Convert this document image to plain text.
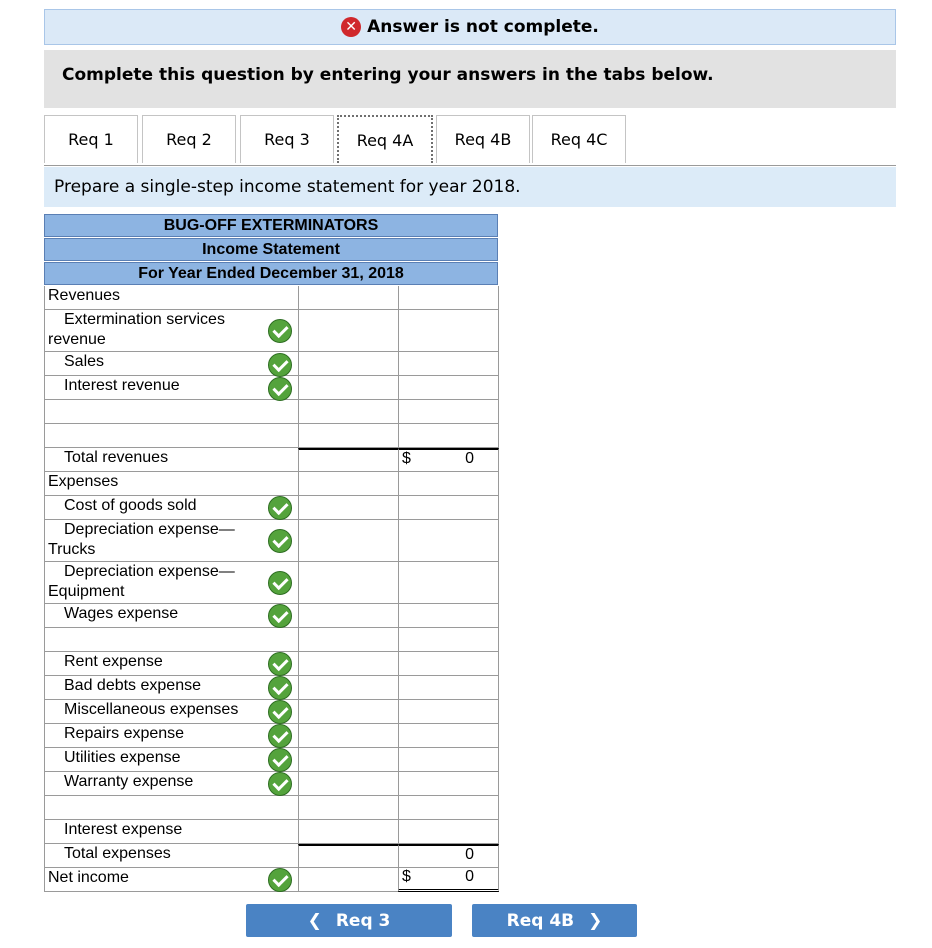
✕ Answer is not complete.
Complete this question by entering your answers in the tabs below.
Req 1	Req 2	Req 3	Req 4A	Req 4B	Req 4C
Prepare a single-step income statement for year 2018.
BUG-OFF EXTERMINATORS
Income Statement
For Year Ended December 31, 2018
Revenues
Extermination services
revenue
Sales
Interest revenue
Total revenues	$	0
Expenses
Cost of goods sold
Depreciation expense—
Trucks
Depreciation expense—
Equipment
Wages expense
Rent expense
Bad debts expense
Miscellaneous expenses
Repairs expense
Utilities expense
Warranty expense
Interest expense
Total expenses	0
Net income	$	0
❮ Req 3	Req 4B ❯
